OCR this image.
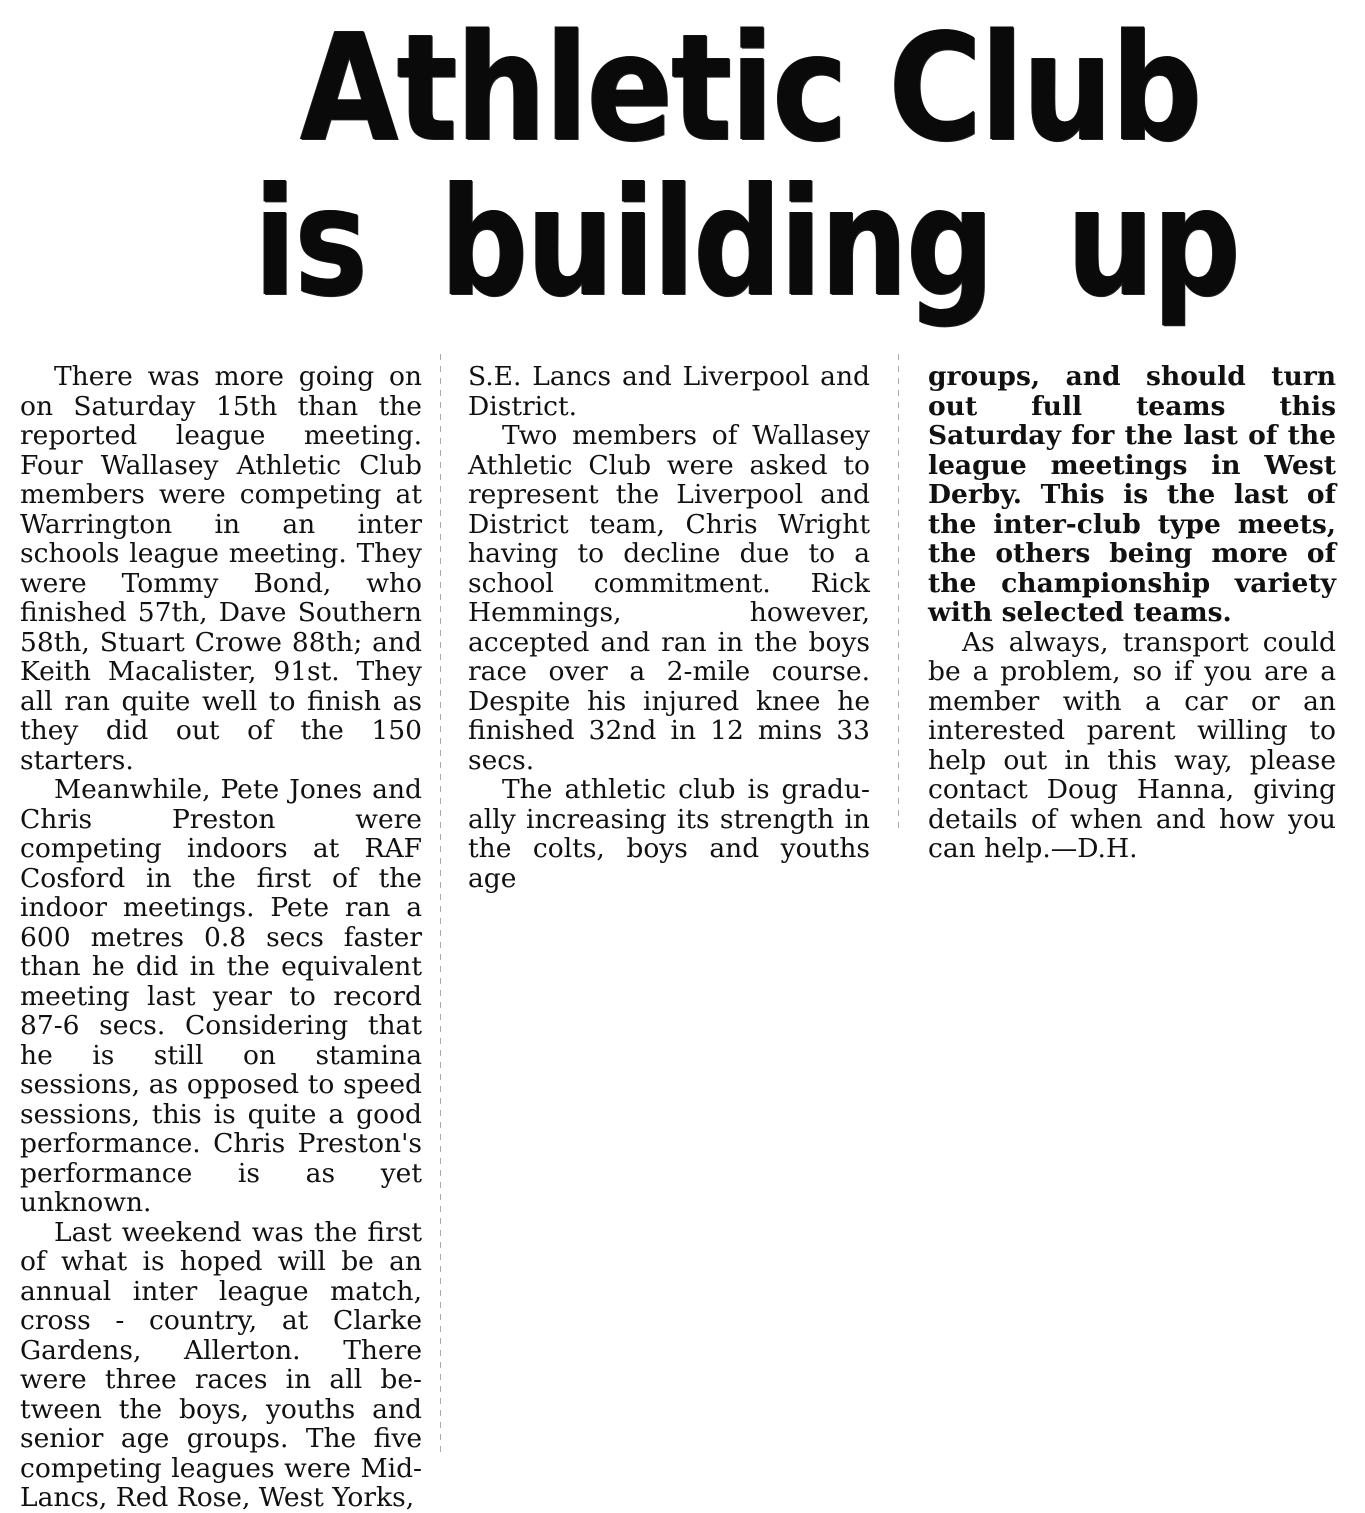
Athletic Club
is building up

There was more going on on Saturday 15th than the reported league meeting. Four Wallasey Athletic Club members were competing at Warrington in an inter schools league meeting. They were Tommy Bond, who finished 57th, Dave Southern 58th, Stuart Crowe 88th; and Keith Macalister, 91st. They all ran quite well to finish as they did out of the 150 starters.

Meanwhile, Pete Jones and Chris Preston were competing indoors at RAF Cosford in the first of the indoor meetings. Pete ran a 600 metres 0.8 secs faster than he did in the equivalent meeting last year to record 87-6 secs. Considering that he is still on stamina sessions, as opposed to speed sessions, this is quite a good performance. Chris Preston's performance is as yet unknown.

Last weekend was the first of what is hoped will be an annual inter league match, cross - country, at Clarke Gardens, Allerton. There were three races in all between the boys, youths and senior age groups. The five competing leagues were Mid-Lancs, Red Rose, West Yorks,

S.E. Lancs and Liverpool and District.

Two members of Wallasey Athletic Club were asked to represent the Liverpool and District team, Chris Wright having to decline due to a school commitment. Rick Hemmings, however, accepted and ran in the boys race over a 2-mile course. Despite his injured knee he finished 32nd in 12 mins 33 secs.

The athletic club is gradually increasing its strength in the colts, boys and youths age

groups, and should turn out full teams this Saturday for the last of the league meetings in West Derby. This is the last of the inter-club type meets, the others being more of the championship variety with selected teams.

As always, transport could be a problem, so if you are a member with a car or an interested parent willing to help out in this way, please contact Doug Hanna, giving details of when and how you can help.—D.H.
